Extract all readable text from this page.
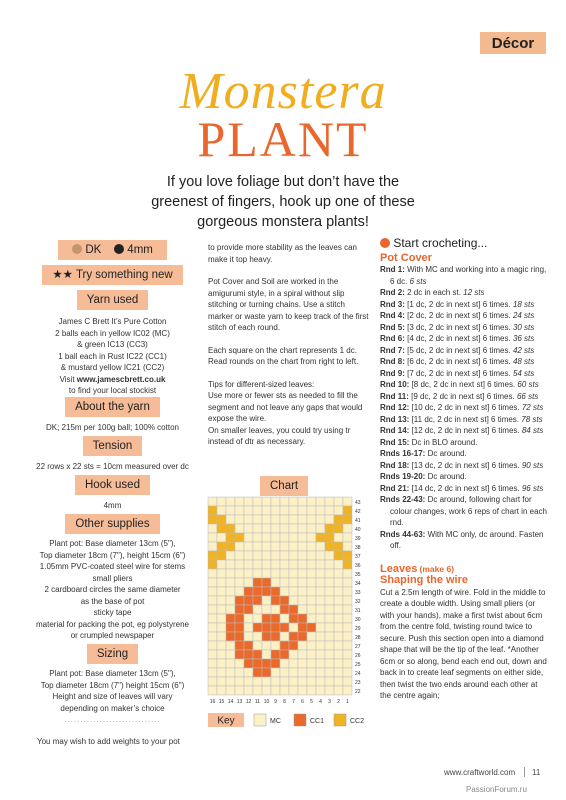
Décor
Monstera
PLANT
If you love foliage but don’t have the greenest of fingers, hook up one of these gorgeous monstera plants!
DK 4mm
★★ Try something new
Yarn used
James C Brett It’s Pure Cotton
2 balls each in yellow IC02 (MC)
& green IC13 (CC3)
1 ball each in Rust IC22 (CC1)
& mustard yellow IC21 (CC2)
Visit www.jamescbrett.co.uk
to find your local stockist
About the yarn
DK; 215m per 100g ball; 100% cotton
Tension
22 rows x 22 sts = 10cm measured over dc
Hook used
4mm
Other supplies
Plant pot: Base diameter 13cm (5"),
Top diameter 18cm (7"), height 15cm (6")
1.05mm PVC-coated steel wire for stems
small pliers
2 cardboard circles the same diameter
as the base of pot
sticky tape
material for packing the pot, eg polystyrene
or crumpled newspaper
Sizing
Plant pot: Base diameter 13cm (5"),
Top diameter 18cm (7") height 15cm (6")
Height and size of leaves will vary
depending on maker’s choice
..............................
You may wish to add weights to your pot
to provide more stability as the leaves can make it top heavy.
Pot Cover and Soil are worked in the amigurumi style, in a spiral without slip stitching or turning chains. Use a stitch marker or waste yarn to keep track of the first stitch of each round.
Each square on the chart represents 1 dc. Read rounds on the chart from right to left.
Tips for different-sized leaves:
Use more or fewer sts as needed to fill the segment and not leave any gaps that would expose the wire.
On smaller leaves, you could try using tr instead of dtr as necessary.
Chart
43
42
41
40
39
38
37
36
35
34
33
32
31
30
29
28
27
26
25
24
23
22
16 15 14 13 12 11 10 9 8 7 6 5 4 3 2 1
Key	MC	CC1	CC2
Start crocheting...
Pot Cover
Rnd 1: With MC and working into a magic ring, 6 dc. 6 sts
Rnd 2: 2 dc in each st. 12 sts
Rnd 3: [1 dc, 2 dc in next st] 6 times. 18 sts
Rnd 4: [2 dc, 2 dc in next st] 6 times. 24 sts
Rnd 5: [3 dc, 2 dc in next st] 6 times. 30 sts
Rnd 6: [4 dc, 2 dc in next st] 6 times. 36 sts
Rnd 7: [5 dc, 2 dc in next st] 6 times. 42 sts
Rnd 8: [6 dc, 2 dc in next st] 6 times. 48 sts
Rnd 9: [7 dc, 2 dc in next st] 6 times. 54 sts
Rnd 10: [8 dc, 2 dc in next st] 6 times. 60 sts
Rnd 11: [9 dc, 2 dc in next st] 6 times. 66 sts
Rnd 12: [10 dc, 2 dc in next st] 6 times. 72 sts
Rnd 13: [11 dc, 2 dc in next st] 6 times. 78 sts
Rnd 14: [12 dc, 2 dc in next st] 6 times. 84 sts
Rnd 15: Dc in BLO around.
Rnds 16-17: Dc around.
Rnd 18: [13 dc, 2 dc in next st] 6 times. 90 sts
Rnds 19-20: Dc around.
Rnd 21: [14 dc, 2 dc in next st] 6 times. 96 sts
Rnds 22-43: Dc around, following chart for colour changes, work 6 reps of chart in each rnd.
Rnds 44-63: With MC only, dc around. Fasten off.
Leaves (make 6)
Shaping the wire
Cut a 2.5m length of wire. Fold in the middle to create a double width. Using small pliers (or with your hands), make a first twist about 6cm from the centre fold, twisting round twice to secure. Push this section open into a diamond shape that will be the tip of the leaf. *Another 6cm or so along, bend each end out, down and back in to create leaf segments on either side, then twist the two ends around each other at the centre again;
www.craftworld.com 11
PassionForum.ru
